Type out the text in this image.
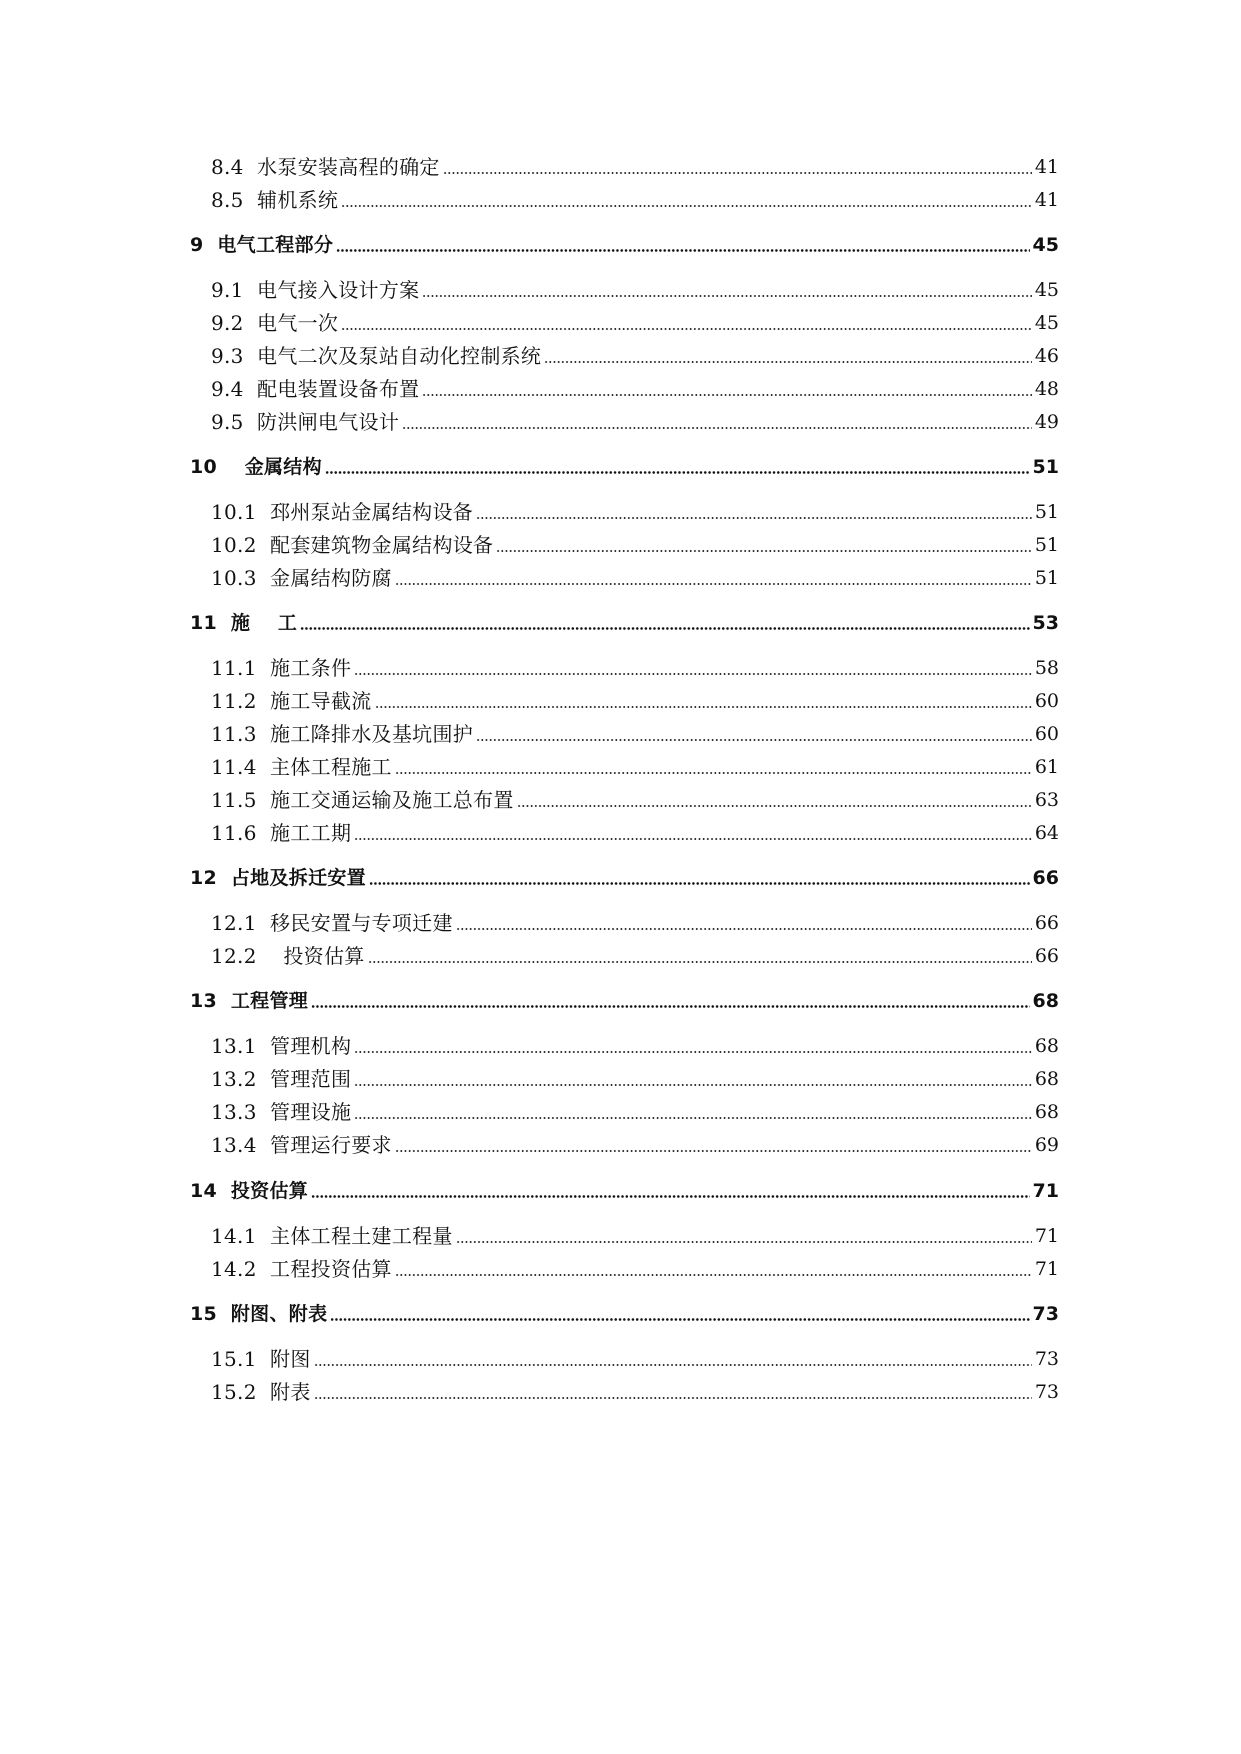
8.4  水泵安装高程的确定	41
8.5  辅机系统	41
9  电气工程部分	45
9.1  电气接入设计方案	45
9.2  电气一次	45
9.3  电气二次及泵站自动化控制系统	46
9.4  配电装置设备布置	48
9.5  防洪闸电气设计	49
10    金属结构	51
10.1  邳州泵站金属结构设备	51
10.2  配套建筑物金属结构设备	51
10.3  金属结构防腐	51
11  施    工	53
11.1  施工条件	58
11.2  施工导截流	60
11.3  施工降排水及基坑围护	60
11.4  主体工程施工	61
11.5  施工交通运输及施工总布置	63
11.6  施工工期	64
12  占地及拆迁安置	66
12.1  移民安置与专项迁建	66
12.2    投资估算	66
13  工程管理	68
13.1  管理机构	68
13.2  管理范围	68
13.3  管理设施	68
13.4  管理运行要求	69
14  投资估算	71
14.1  主体工程土建工程量	71
14.2  工程投资估算	71
15  附图、附表	73
15.1  附图	73
15.2  附表	73
